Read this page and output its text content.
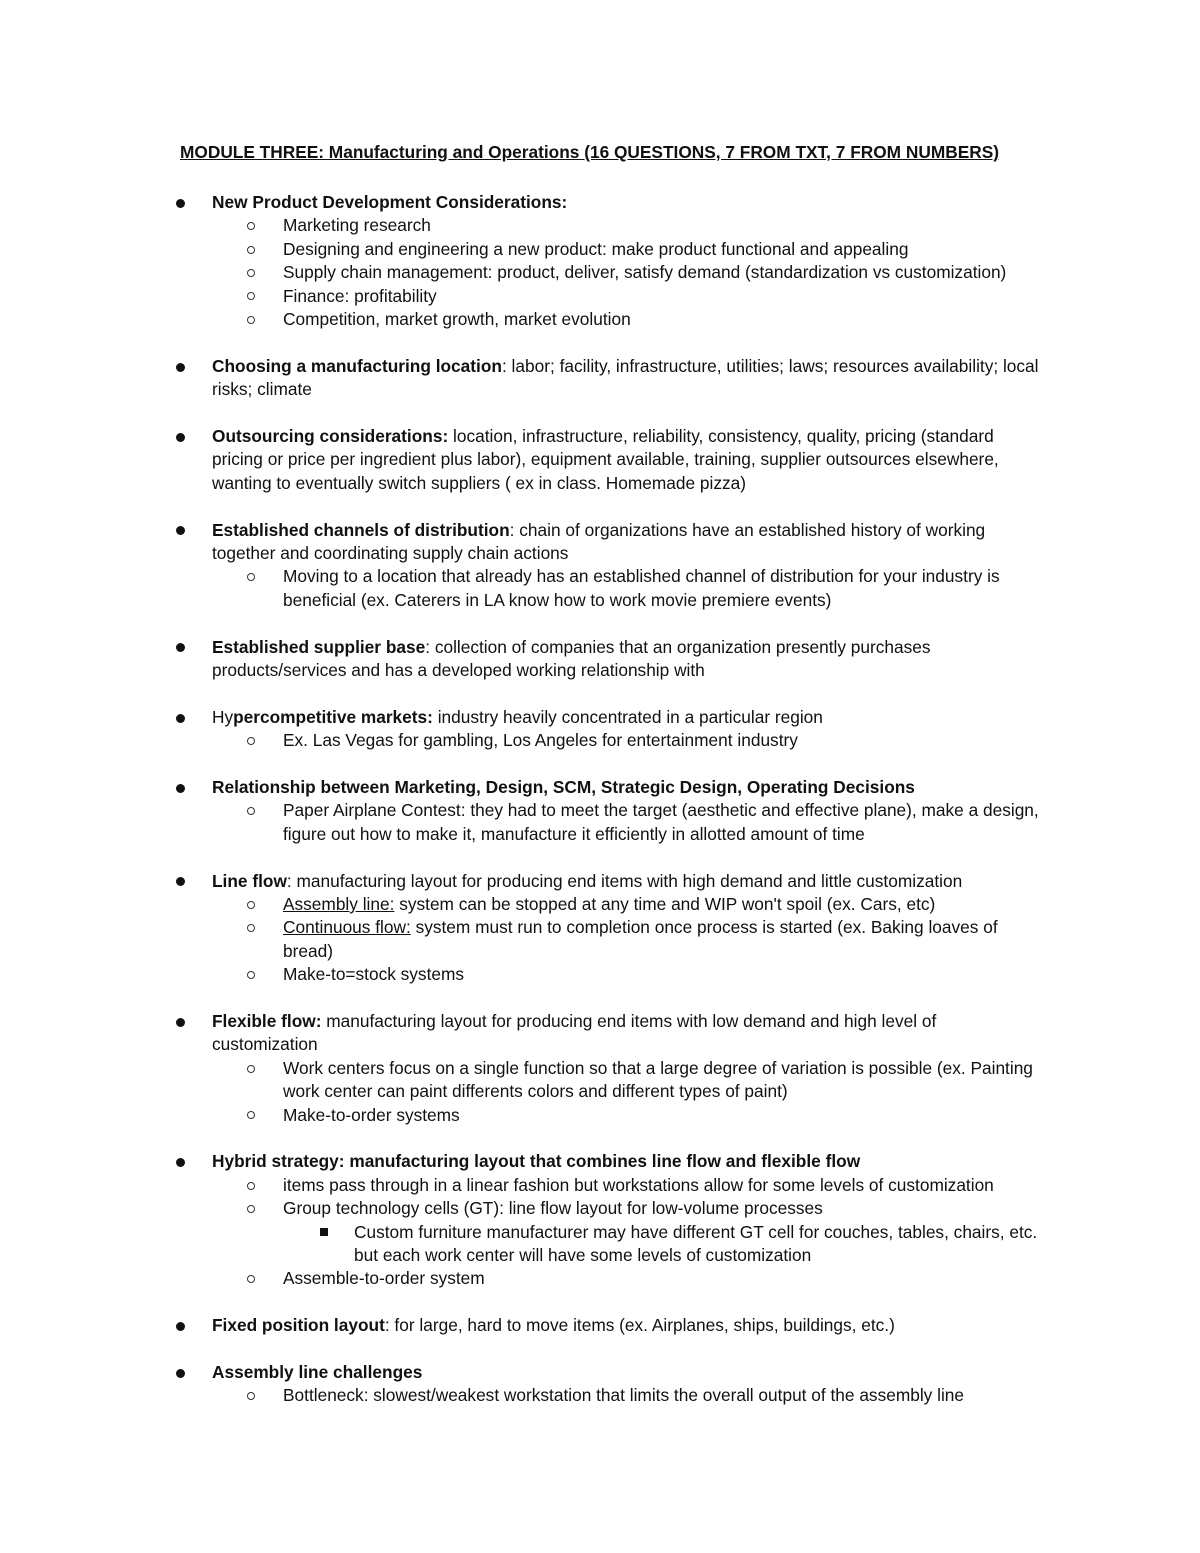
MODULE THREE: Manufacturing and Operations (16 QUESTIONS, 7 FROM TXT, 7 FROM NUMBERS)
New Product Development Considerations:
Marketing research
Designing and engineering a new product: make product functional and appealing
Supply chain management: product, deliver, satisfy demand (standardization vs customization)
Finance: profitability
Competition, market growth, market evolution
Choosing a manufacturing location: labor; facility, infrastructure, utilities; laws; resources availability; local
risks; climate
Outsourcing considerations: location, infrastructure, reliability, consistency, quality, pricing (standard
pricing or price per ingredient plus labor), equipment available, training, supplier outsources elsewhere,
wanting to eventually switch suppliers ( ex in class. Homemade pizza)
Established channels of distribution: chain of organizations have an established history of working
together and coordinating supply chain actions
Moving to a location that already has an established channel of distribution for your industry is
beneficial (ex. Caterers in LA know how to work movie premiere events)
Established supplier base: collection of companies that an organization presently purchases
products/services and has a developed working relationship with
Hypercompetitive markets: industry heavily concentrated in a particular region
Ex. Las Vegas for gambling, Los Angeles for entertainment industry
Relationship between Marketing, Design, SCM, Strategic Design, Operating Decisions
Paper Airplane Contest: they had to meet the target (aesthetic and effective plane), make a design,
figure out how to make it, manufacture it efficiently in allotted amount of time
Line flow: manufacturing layout for producing end items with high demand and little customization
Assembly line: system can be stopped at any time and WIP won't spoil (ex. Cars, etc)
Continuous flow: system must run to completion once process is started (ex. Baking loaves of
bread)
Make-to=stock systems
Flexible flow: manufacturing layout for producing end items with low demand and high level of
customization
Work centers focus on a single function so that a large degree of variation is possible (ex. Painting
work center can paint differents colors and different types of paint)
Make-to-order systems
Hybrid strategy: manufacturing layout that combines line flow and flexible flow
items pass through in a linear fashion but workstations allow for some levels of customization
Group technology cells (GT): line flow layout for low-volume processes
Custom furniture manufacturer may have different GT cell for couches, tables, chairs, etc.
but each work center will have some levels of customization
Assemble-to-order system
Fixed position layout: for large, hard to move items (ex. Airplanes, ships, buildings, etc.)
Assembly line challenges
Bottleneck: slowest/weakest workstation that limits the overall output of the assembly line
